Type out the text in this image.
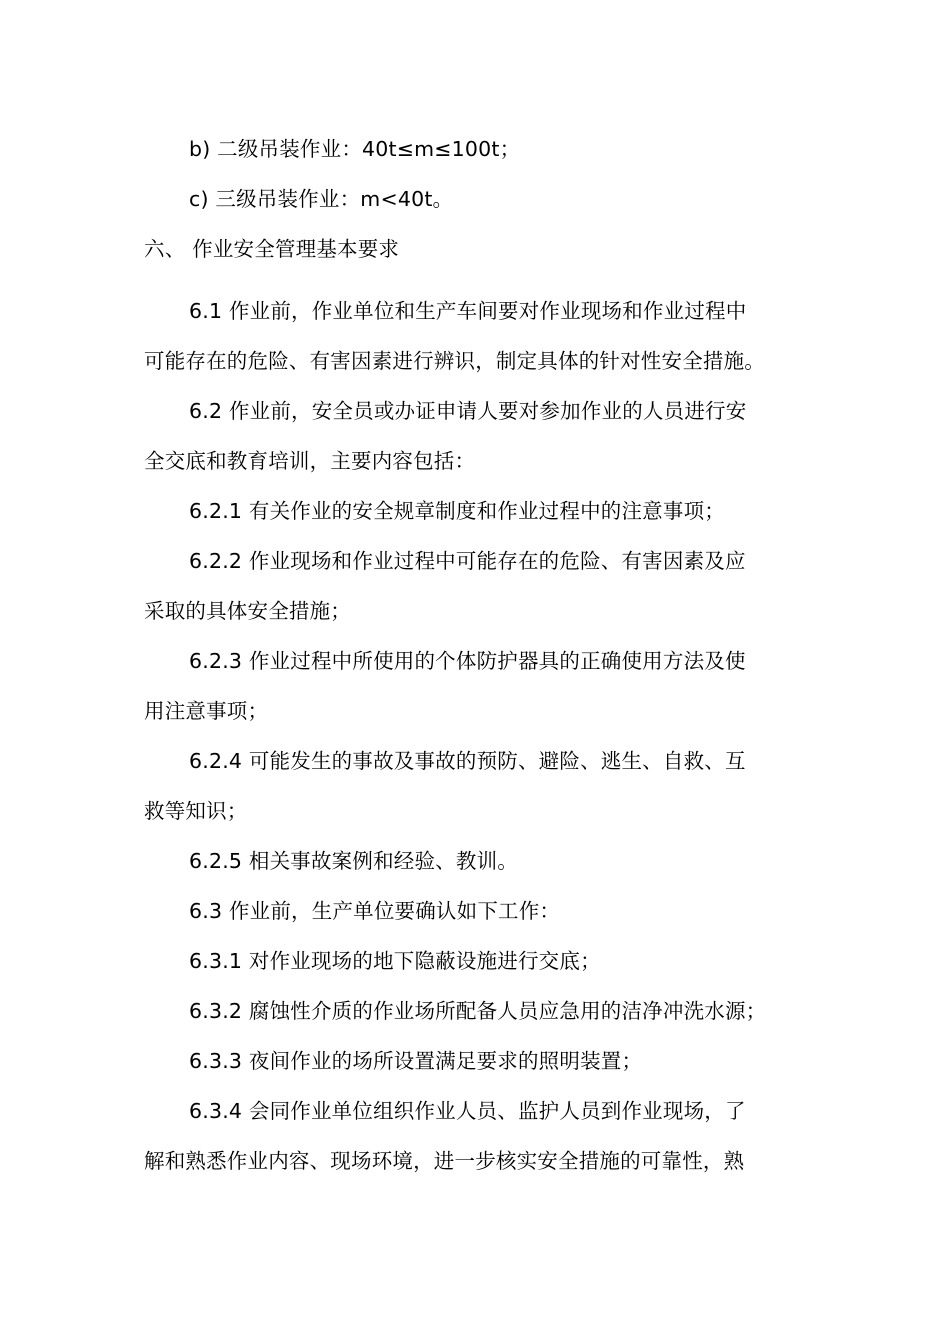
b) 二级吊装作业：40t≤m≤100t；
c) 三级吊装作业：m<40t。
六、 作业安全管理基本要求
6.1 作业前，作业单位和生产车间要对作业现场和作业过程中
可能存在的危险、有害因素进行辨识，制定具体的针对性安全措施。
6.2 作业前，安全员或办证申请人要对参加作业的人员进行安
全交底和教育培训，主要内容包括：
6.2.1 有关作业的安全规章制度和作业过程中的注意事项；
6.2.2 作业现场和作业过程中可能存在的危险、有害因素及应
采取的具体安全措施；
6.2.3 作业过程中所使用的个体防护器具的正确使用方法及使
用注意事项；
6.2.4 可能发生的事故及事故的预防、避险、逃生、自救、互
救等知识；
6.2.5 相关事故案例和经验、教训。
6.3 作业前，生产单位要确认如下工作：
6.3.1 对作业现场的地下隐蔽设施进行交底；
6.3.2 腐蚀性介质的作业场所配备人员应急用的洁净冲洗水源；
6.3.3 夜间作业的场所设置满足要求的照明装置；
6.3.4 会同作业单位组织作业人员、监护人员到作业现场，了
解和熟悉作业内容、现场环境，进一步核实安全措施的可靠性，熟
